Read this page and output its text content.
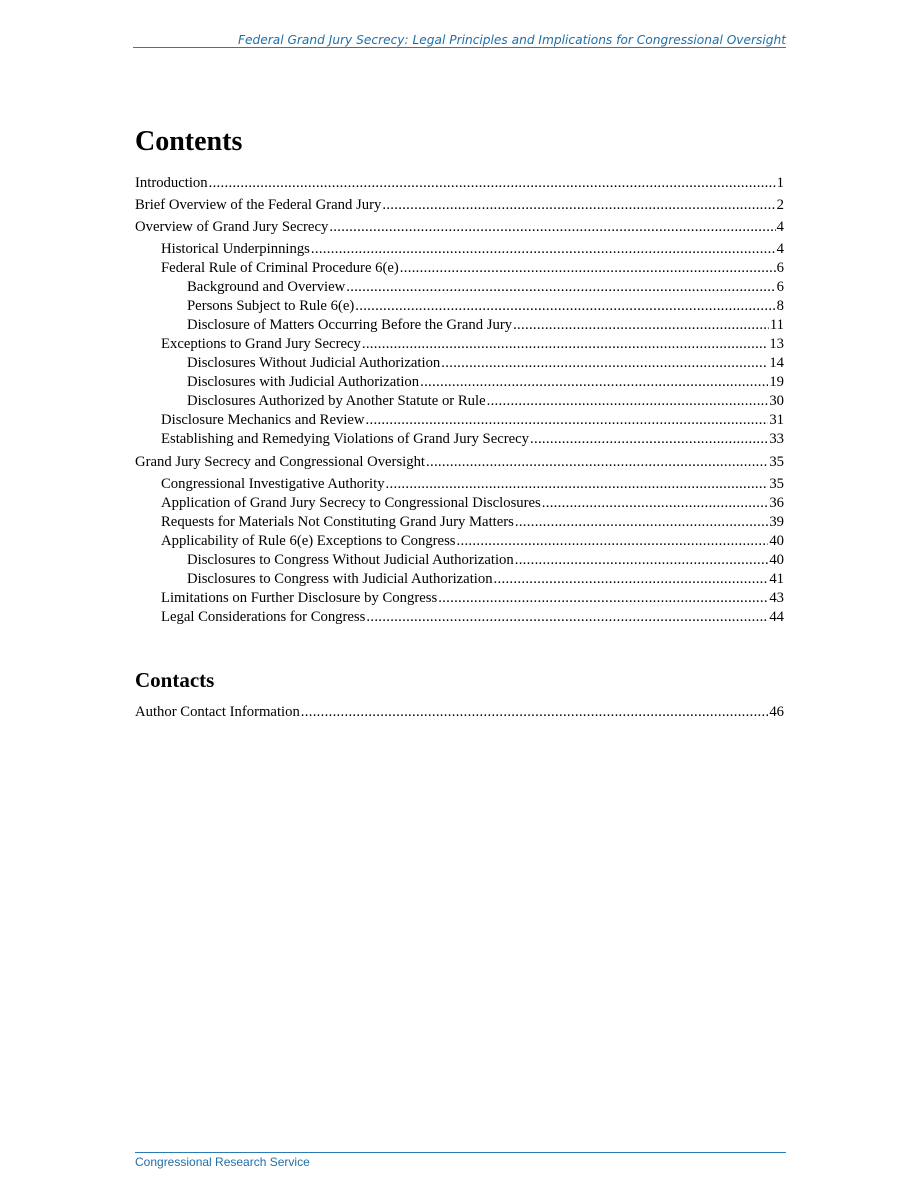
Federal Grand Jury Secrecy: Legal Principles and Implications for Congressional Oversight
Contents
Introduction .....	1
Brief Overview of the Federal Grand Jury .....	2
Overview of Grand Jury Secrecy .....	4
Historical Underpinnings .....	4
Federal Rule of Criminal Procedure 6(e) .....	6
Background and Overview .....	6
Persons Subject to Rule 6(e) .....	8
Disclosure of Matters Occurring Before the Grand Jury .....	11
Exceptions to Grand Jury Secrecy .....	13
Disclosures Without Judicial Authorization .....	14
Disclosures with Judicial Authorization .....	19
Disclosures Authorized by Another Statute or Rule .....	30
Disclosure Mechanics and Review .....	31
Establishing and Remedying Violations of Grand Jury Secrecy .....	33
Grand Jury Secrecy and Congressional Oversight .....	35
Congressional Investigative Authority .....	35
Application of Grand Jury Secrecy to Congressional Disclosures .....	36
Requests for Materials Not Constituting Grand Jury Matters .....	39
Applicability of Rule 6(e) Exceptions to Congress .....	40
Disclosures to Congress Without Judicial Authorization .....	40
Disclosures to Congress with Judicial Authorization .....	41
Limitations on Further Disclosure by Congress .....	43
Legal Considerations for Congress .....	44
Contacts
Author Contact Information .....	46
Congressional Research Service
